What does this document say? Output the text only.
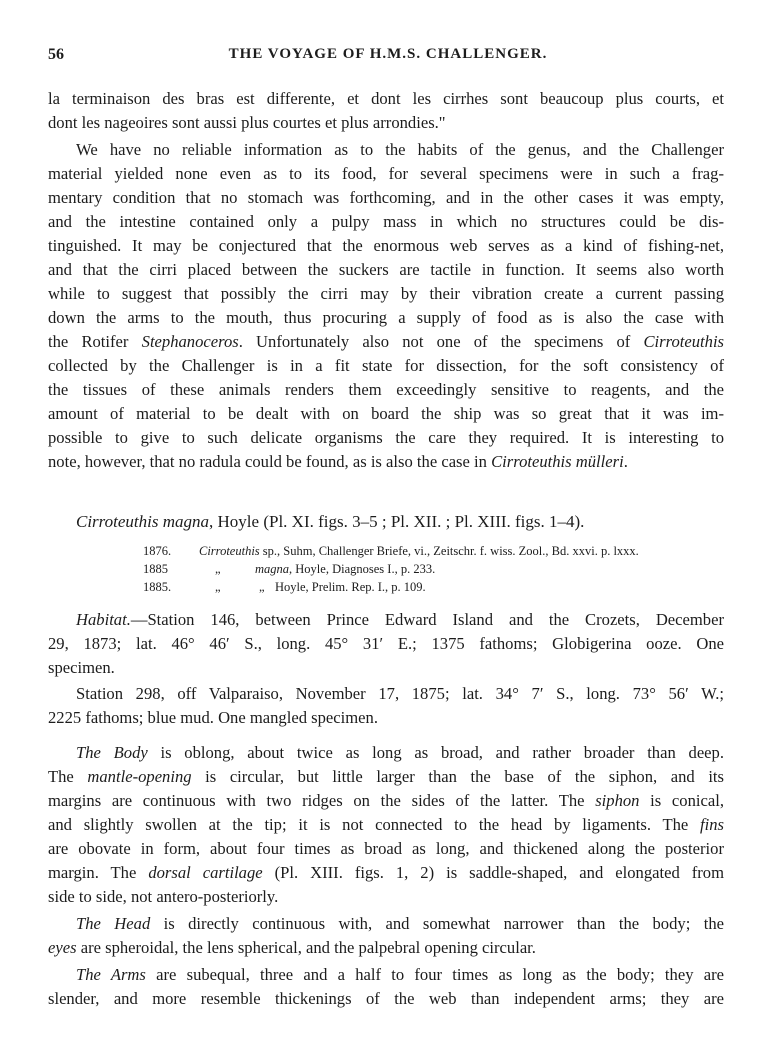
56	THE VOYAGE OF H.M.S. CHALLENGER.
la terminaison des bras est differente, et dont les cirrhes sont beaucoup plus courts, et
dont les nageoires sont aussi plus courtes et plus arrondies."
We have no reliable information as to the habits of the genus, and the Challenger
material yielded none even as to its food, for several specimens were in such a frag-
mentary condition that no stomach was forthcoming, and in the other cases it was empty,
and the intestine contained only a pulpy mass in which no structures could be dis-
tinguished. It may be conjectured that the enormous web serves as a kind of fishing-net,
and that the cirri placed between the suckers are tactile in function. It seems also worth
while to suggest that possibly the cirri may by their vibration create a current passing
down the arms to the mouth, thus procuring a supply of food as is also the case with
the Rotifer Stephanoceros. Unfortunately also not one of the specimens of Cirroteuthis
collected by the Challenger is in a fit state for dissection, for the soft consistency of
the tissues of these animals renders them exceedingly sensitive to reagents, and the
amount of material to be dealt with on board the ship was so great that it was im-
possible to give to such delicate organisms the care they required. It is interesting to
note, however, that no radula could be found, as is also the case in Cirroteuthis mülleri.
Cirroteuthis magna, Hoyle (Pl. XI. figs. 3–5 ; Pl. XII. ; Pl. XIII. figs. 1–4).
1876. Cirroteuthis sp., Suhm, Challenger Briefe, vi., Zeitschr. f. wiss. Zool., Bd. xxvi. p. lxxx.
1885	„	magna, Hoyle, Diagnoses I., p. 233.
1885.	„	„ Hoyle, Prelim. Rep. I., p. 109.
Habitat.—Station 146, between Prince Edward Island and the Crozets, December
29, 1873; lat. 46° 46′ S., long. 45° 31′ E.; 1375 fathoms; Globigerina ooze. One
specimen.
Station 298, off Valparaiso, November 17, 1875; lat. 34° 7′ S., long. 73° 56′ W.;
2225 fathoms; blue mud. One mangled specimen.
The Body is oblong, about twice as long as broad, and rather broader than deep.
The mantle-opening is circular, but little larger than the base of the siphon, and its
margins are continuous with two ridges on the sides of the latter. The siphon is conical,
and slightly swollen at the tip; it is not connected to the head by ligaments. The fins
are obovate in form, about four times as broad as long, and thickened along the posterior
margin. The dorsal cartilage (Pl. XIII. figs. 1, 2) is saddle-shaped, and elongated from
side to side, not antero-posteriorly.
The Head is directly continuous with, and somewhat narrower than the body; the
eyes are spheroidal, the lens spherical, and the palpebral opening circular.
The Arms are subequal, three and a half to four times as long as the body; they are
slender, and more resemble thickenings of the web than independent arms; they are
